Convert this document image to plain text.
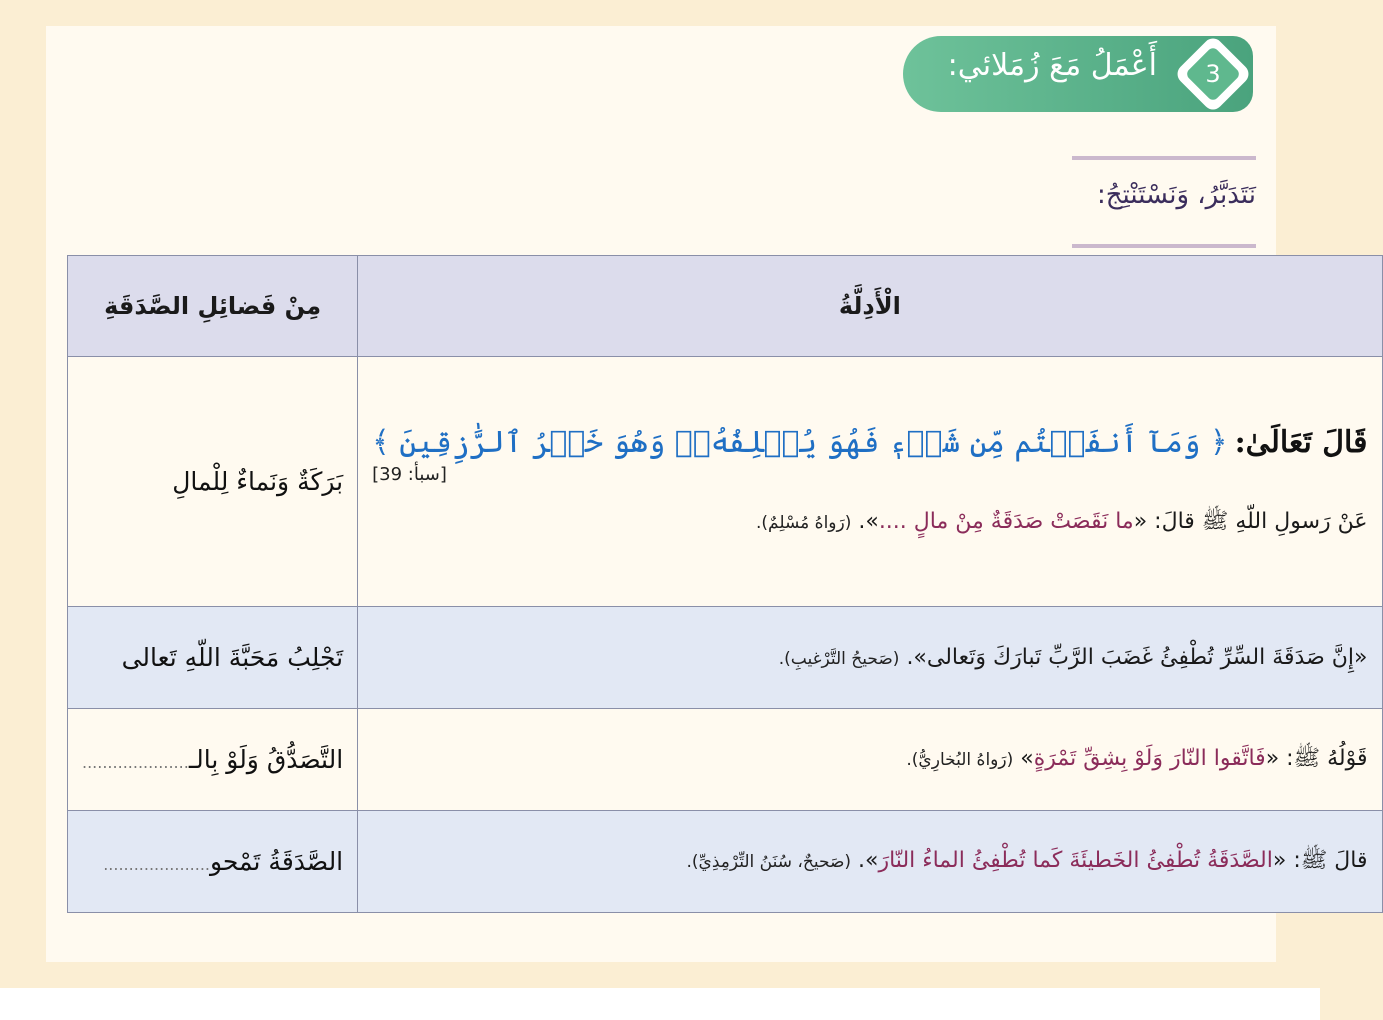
3
أَعْمَلُ مَعَ زُمَلائي:
نَتَدَبَّرُ، وَنَسْتَنْتِجُ:
الْأَدِلَّةُ	مِنْ فَضائِلِ الصَّدَقَةِ

قَالَ تَعَالَىٰ: ﴿ وَمَآ أَنفَقۡتُم مِّن شَيۡءٖ فَهُوَ يُخۡلِفُهُۥۖ وَهُوَ خَيۡرُ ٱلرَّٰزِقِينَ ﴾
[سبأ: 39]
عَنْ رَسولِ اللّهِ ﷺ قالَ: «ما نَقَصَتْ صَدَقَةٌ مِنْ مالٍ ....». (رَواهُ مُسْلِمٌ).	بَرَكَةٌ وَنَماءٌ لِلْمالِ
«إِنَّ صَدَقَةَ السِّرِّ تُطْفِئُ غَضَبَ الرَّبِّ تَبارَكَ وَتَعالى». (صَحيحُ التَّرْغيبِ).	تَجْلِبُ مَحَبَّةَ اللّهِ تَعالى
قَوْلُهُ ﷺ: «فَاتَّقوا النّارَ وَلَوْ بِشِقِّ تَمْرَةٍ» (رَواهُ البُخارِيُّ).	التَّصَدُّقُ وَلَوْ بِالـ.....................
قالَ ﷺ: «الصَّدَقَةُ تُطْفِئُ الخَطيئَةَ كَما تُطْفِئُ الماءُ النّارَ». (صَحيحٌ، سُنَنُ التِّرْمِذِيِّ).	الصَّدَقَةُ تَمْحو.....................
